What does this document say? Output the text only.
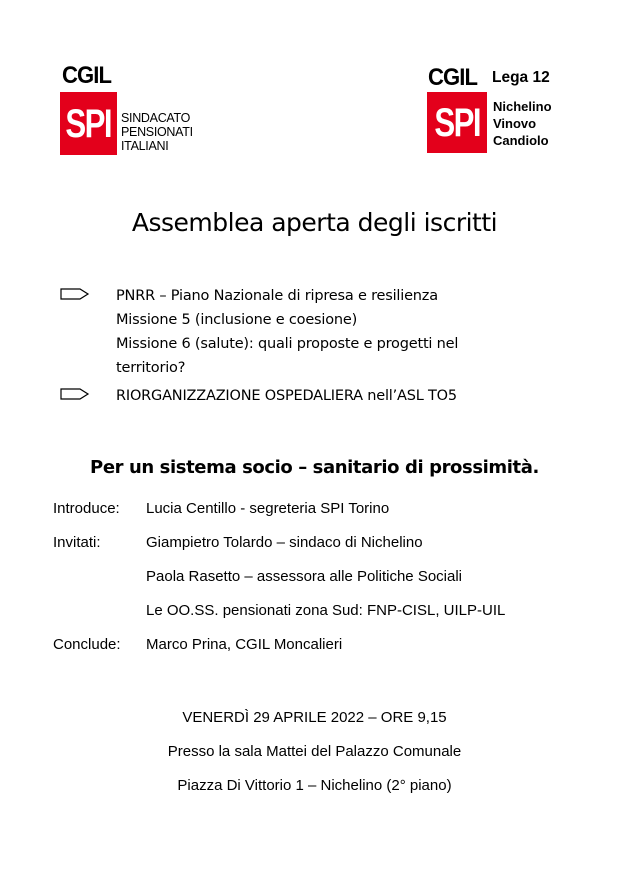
CGIL
SPI SINDACATO
PENSIONATI
ITALIANI
CGIL
SPI
Lega 12
Nichelino
Vinovo
Candiolo
Assemblea aperta degli iscritti
PNRR – Piano Nazionale di ripresa e resilienza
Missione 5 (inclusione e coesione)
Missione 6 (salute): quali proposte e progetti nel
territorio?
RIORGANIZZAZIONE OSPEDALIERA nell’ASL TO5
Per un sistema socio – sanitario di prossimità.
Introduce:	Lucia Centillo - segreteria SPI Torino
Invitati:	Giampietro Tolardo – sindaco di Nichelino
Paola Rasetto – assessora alle Politiche Sociali
Le OO.SS. pensionati zona Sud: FNP-CISL, UILP-UIL
Conclude:	Marco Prina, CGIL Moncalieri
VENERDÌ 29 APRILE 2022 – ORE 9,15
Presso la sala Mattei del Palazzo Comunale
Piazza Di Vittorio 1 – Nichelino (2° piano)
